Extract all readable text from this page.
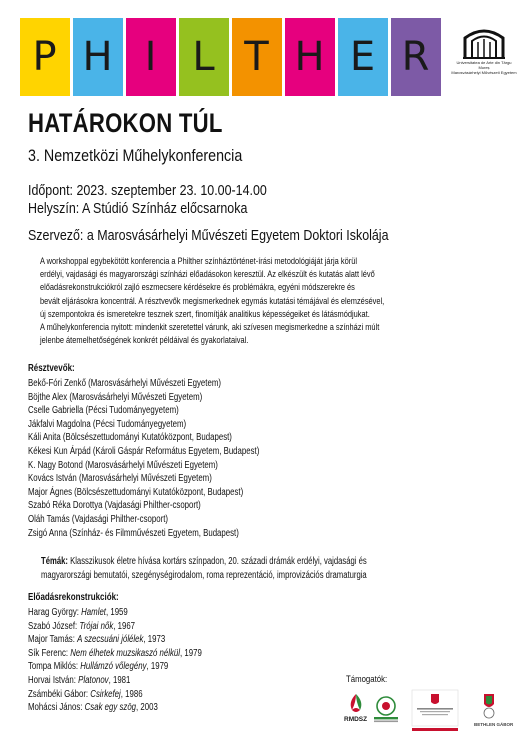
P H I L T H E R	Universitatea de Arte din Târgu Mureș
Marosvásárhelyi Művészeti Egyetem
HATÁROKON TÚL
3. Nemzetközi Műhelykonferencia
Időpont: 2023. szeptember 23. 10.00-14.00
Helyszín: A Stúdió Színház előcsarnoka
Szervező: a Marosvásárhelyi Művészeti Egyetem Doktori Iskolája
A workshoppal egybekötött konferencia a Philther színháztörténet-írási metodológiáját járja körül
erdélyi, vajdasági és magyarországi színházi előadásokon keresztül. Az elkészült és kutatás alatt lévő
előadásrekonstrukciókról zajló eszmecsere kérdésekre és problémákra, egyéni módszerekre és
bevált eljárásokra koncentrál. A résztvevők megismerkednek egymás kutatási témájával és elemzésével,
új szempontokra és ismeretekre tesznek szert, finomítják analitikus képességeiket és látásmódjukat.
A műhelykonferencia nyitott: mindenkit szeretettel várunk, aki szívesen megismerkedne a színházi múlt
jelenbe átemelhetőségének konkrét példáival és gyakorlataival.
Résztvevők:
Bekő-Fóri Zenkő (Marosvásárhelyi Művészeti Egyetem)
Böjthe Alex (Marosvásárhelyi Művészeti Egyetem)
Cselle Gabriella (Pécsi Tudományegyetem)
Jákfalvi Magdolna (Pécsi Tudományegyetem)
Káli Anita (Bölcsészettudományi Kutatóközpont, Budapest)
Kékesi Kun Árpád (Károli Gáspár Református Egyetem, Budapest)
K. Nagy Botond (Marosvásárhelyi Művészeti Egyetem)
Kovács István (Marosvásárhelyi Művészeti Egyetem)
Major Ágnes (Bölcsészettudományi Kutatóközpont, Budapest)
Szabó Réka Dorottya (Vajdasági Philther-csoport)
Oláh Tamás (Vajdasági Philther-csoport)
Zsigó Anna (Színház- és Filmművészeti Egyetem, Budapest)
Témák: Klasszikusok életre hívása kortárs színpadon, 20. századi drámák erdélyi, vajdasági és
magyarországi bemutatói, szegénységirodalom, roma reprezentáció, improvizációs dramaturgia
Előadásrekonstrukciók:
Harag György: Hamlet, 1959
Szabó József: Trójai nők, 1967
Major Tamás: A szecsuáni jólélek, 1973
Sík Ferenc: Nem élhetek muzsikaszó nélkül, 1979
Tompa Miklós: Hullámzó vőlegény, 1979
Horvai István: Platonov, 1981
Zsámbéki Gábor: Csirkefej, 1986
Mohácsi János: Csak egy szög, 2003
Támogatók:
RMDSZ
BETHLEN GÁBOR
